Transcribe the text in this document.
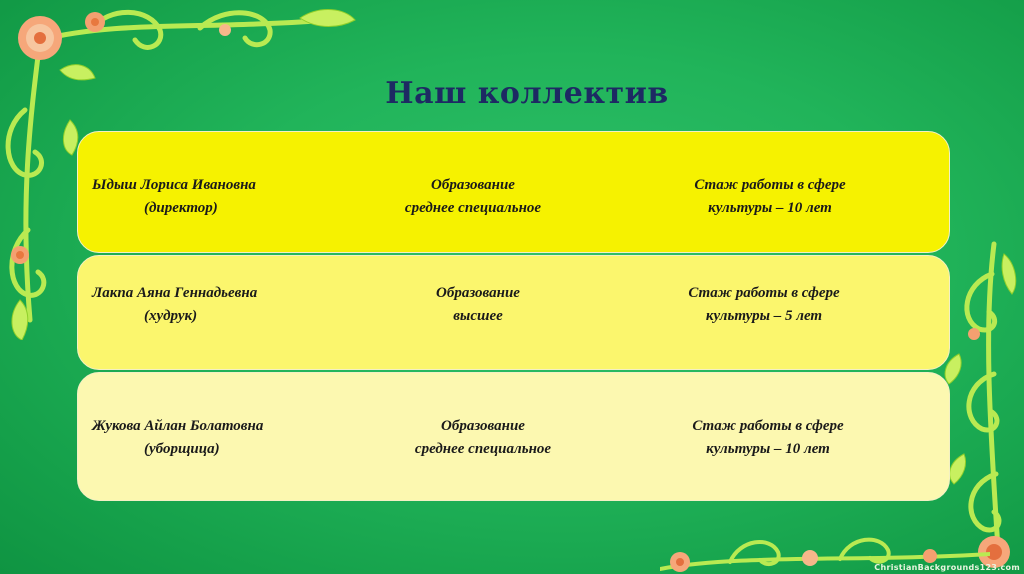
Наш коллектив
Ыдыш Лориса Ивановна
(директор)
Образование
среднее специальное
Стаж работы в сфере
культуры – 10 лет
Лакпа Аяна Геннадьевна
(худрук)
Образование
высшее
Стаж работы в сфере
культуры – 5 лет
Жукова Айлан Болатовна
(уборщица)
Образование
среднее специальное
Стаж работы в сфере
культуры – 10 лет
ChristianBackgrounds123.com
